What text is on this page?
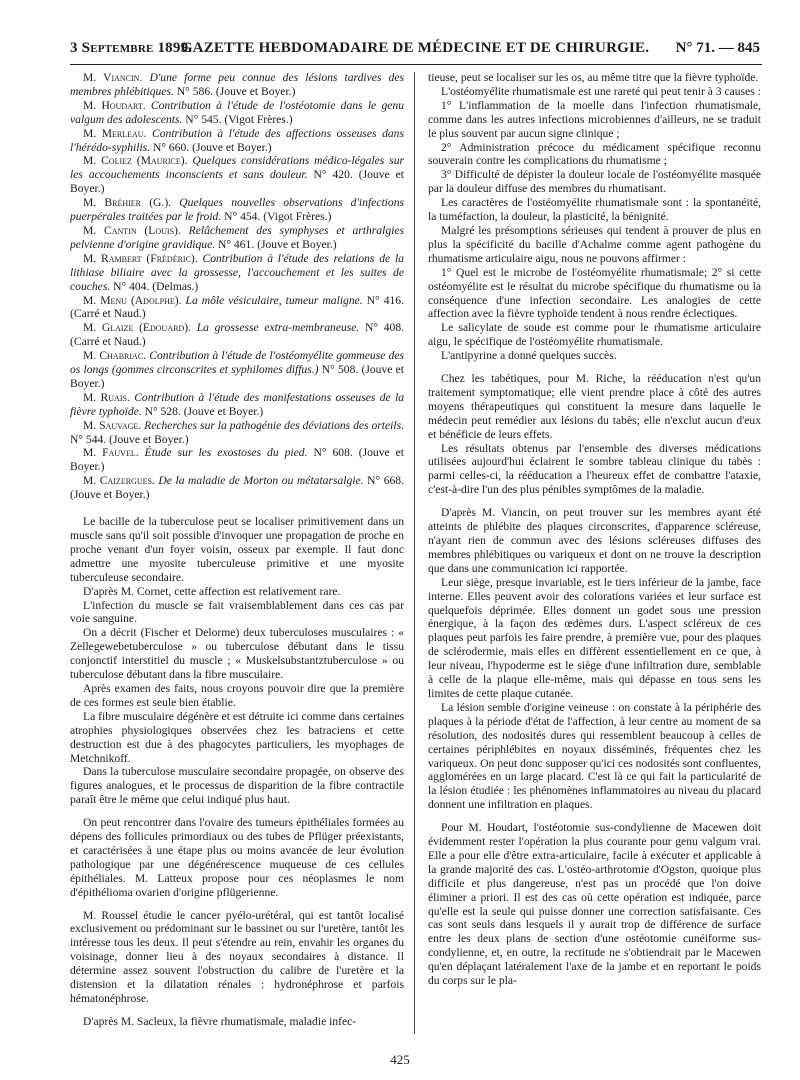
3 Septembre 1899.
GAZETTE HEBDOMADAIRE DE MÉDECINE ET DE CHIRURGIE.	N° 71. — 845

M. Viancin. D'une forme peu connue des lésions tardives des membres phlébitiques. N° 586. (Jouve et Boyer.)

M. Houdart. Contribution à l'étude de l'ostéotomie dans le genu valgum des adolescents. N° 545. (Vigot Frères.)

M. Merleau. Contribution à l'étude des affections osseuses dans l'hérédo-syphilis. N° 660. (Jouve et Boyer.)

M. Coliez (Maurice). Quelques considérations médico-légales sur les accouchements inconscients et sans douleur. N° 420. (Jouve et Boyer.)

M. Bréhier (G.). Quelques nouvelles observations d'infections puerpérales traitées par le froid. N° 454. (Vigot Frères.)

M. Cantin (Louis). Relâchement des symphyses et arthralgies pelvienne d'origine gravidique. N° 461. (Jouve et Boyer.)

M. Rambert (Frédéric). Contribution à l'étude des relations de la lithiase biliaire avec la grossesse, l'accouchement et les suites de couches. N° 404. (Delmas.)

M. Menu (Adolphe). La môle vésiculaire, tumeur maligne. N° 416. (Carré et Naud.)

M. Glaize (Edouard). La grossesse extra-membraneuse. N° 408. (Carré et Naud.)

M. Chabriac. Contribution à l'étude de l'ostéomyélite gommeuse des os longs (gommes circonscrites et syphilomes diffus.) N° 508. (Jouve et Boyer.)

M. Ruais. Contribution à l'étude des manifestations osseuses de la fièvre typhoïde. N° 528. (Jouve et Boyer.)

M. Sauvage. Recherches sur la pathogénie des déviations des orteils. N° 544. (Jouve et Boyer.)

M. Fauvel. Étude sur les exostoses du pied. N° 608. (Jouve et Boyer.)

M. Caizergues. De la maladie de Morton ou métatarsalgie. N° 668. (Jouve et Boyer.)

Le bacille de la tuberculose peut se localiser primitivement dans un muscle sans qu'il soit possible d'invoquer une propagation de proche en proche venant d'un foyer voisin, osseux par exemple. Il faut donc admettre une myosite tuberculeuse primitive et une myosite tuberculeuse secondaire.

D'après M. Cornet, cette affection est relativement rare.

L'infection du muscle se fait vraisemblablement dans ces cas par voie sanguine.

On a décrit (Fischer et Delorme) deux tuberculoses musculaires : « Zellegewebetuberculose » ou tuberculose débutant dans le tissu conjonctif interstitiel du muscle ; « Muskelsubstantztuberculose » ou tuberculose débutant dans la fibre musculaire.

Après examen des faits, nous croyons pouvoir dire que la première de ces formes est seule bien établie.

La fibre musculaire dégénère et est détruite ici comme dans certaines atrophies physiologiques observées chez les batraciens et cette destruction est due à des phagocytes particuliers, les myophages de Metchnikoff.

Dans la tuberculose musculaire secondaire propagée, on observe des figures analogues, et le processus de disparition de la fibre contractile paraît être le même que celui indiqué plus haut.

On peut rencontrer dans l'ovaire des tumeurs épithéliales formées au dépens des follicules primordiaux ou des tubes de Pflüger préexistants, et caractérisées à une étape plus ou moins avancée de leur évolution pathologique par une dégénérescence muqueuse de ces cellules épithéliales. M. Latteux propose pour ces néoplasmes le nom d'épithélioma ovarien d'origine pflügerienne.

M. Roussel étudie le cancer pyélo-urétéral, qui est tantôt localisé exclusivement ou prédominant sur le bassinet ou sur l'uretère, tantôt les intéresse tous les deux. Il peut s'étendre au rein, envahir les organes du voisinage, donner lieu à des noyaux secondaires à distance. Il détermine assez souvent l'obstruction du calibre de l'uretère et la distension et la dilatation rénales : hydronéphrose et parfois hématonéphrose.

D'après M. Sacleux, la fièvre rhumatismale, maladie infec-

tieuse, peut se localiser sur les os, au même titre que la fièvre typhoïde.

L'ostéomyélite rhumatismale est une rareté qui peut tenir à 3 causes :

1° L'inflammation de la moelle dans l'infection rhumatismale, comme dans les autres infections microbiennes d'ailleurs, ne se traduit le plus souvent par aucun signe clinique ;

2° Administration précoce du médicament spécifique reconnu souverain contre les complications du rhumatisme ;

3° Difficulté de dépister la douleur locale de l'ostéomyélite masquée par la douleur diffuse des membres du rhumatisant.

Les caractères de l'ostéomyélite rhumatismale sont : la spontanéité, la tuméfaction, la douleur, la plasticité, la bénignité.

Malgré les présomptions sérieuses qui tendent à prouver de plus en plus la spécificité du bacille d'Achalme comme agent pathogène du rhumatisme articulaire aigu, nous ne pouvons affirmer :

1° Quel est le microbe de l'ostéomyélite rhumatismale; 2° si cette ostéomyélite est le résultat du microbe spécifique du rhumatisme ou la conséquence d'une infection secondaire. Les analogies de cette affection avec la fièvre typhoïde tendent à nous rendre éclectiques.

Le salicylate de soude est comme pour le rhumatisme articulaire aigu, le spécifique de l'ostéomyélite rhumatismale.

L'antipyrine a donné quelques succès.

Chez les tabétiques, pour M. Riche, la rééducation n'est qu'un traitement symptomatique; elle vient prendre place à côté des autres moyens thérapeutiques qui constituent la mesure dans laquelle le médecin peut remédier aux lésions du tabès; elle n'exclut aucun d'eux et bénéficie de leurs effets.

Les résultats obtenus par l'ensemble des diverses médications utilisées aujourd'hui éclairent le sombre tableau clinique du tabès : parmi celles-ci, la rééducation a l'heureux effet de combattre l'ataxie, c'est-à-dire l'un des plus pénibles symptômes de la maladie.

D'après M. Viancin, on peut trouver sur les membres ayant été atteints de phlébite des plaques circonscrites, d'apparence scléreuse, n'ayant rien de commun avec des lésions scléreuses diffuses des membres phlébitiques ou variqueux et dont on ne trouve la description que dans une communication ici rapportée.

Leur siège, presque invariable, est le tiers inférieur de la jambe, face interne. Elles peuvent avoir des colorations variées et leur surface est quelquefois déprimée. Elles donnent un godet sous une pression énergique, à la façon des œdèmes durs. L'aspect scléreux de ces plaques peut parfois les faire prendre, à première vue, pour des plaques de sclérodermie, mais elles en diffèrent essentiellement en ce que, à leur niveau, l'hypoderme est le siège d'une infiltration dure, semblable à celle de la plaque elle-même, mais qui dépasse en tous sens les limites de cette plaque cutanée.

La lésion semble d'origine veineuse : on constate à la périphérie des plaques à la période d'état de l'affection, à leur centre au moment de sa résolution, des nodosités dures qui ressemblent beaucoup à celles de certaines périphlébites en noyaux disséminés, fréquentes chez les variqueux. On peut donc supposer qu'ici ces nodosités sont confluentes, agglomérées en un large placard. C'est là ce qui fait la particularité de la lésion étudiée : les phénomènes inflammatoires au niveau du placard donnent une infiltration en plaques.

Pour M. Houdart, l'ostéotomie sus-condylienne de Macewen doit évidemment rester l'opération la plus courante pour genu valgum vrai. Elle a pour elle d'être extra-articulaire, facile à exécuter et applicable à la grande majorité des cas. L'ostéo-arthrotomie d'Ogston, quoique plus difficile et plus dangereuse, n'est pas un procédé que l'on doive éliminer a priori. Il est des cas où cette opération est indiquée, parce qu'elle est la seule qui puisse donner une correction satisfaisante. Ces cas sont seuls dans lesquels il y aurait trop de différence de surface entre les deux plans de section d'une ostéotomie cunéiforme sus-condylienne, et, en outre, la rectitude ne s'obtiendrait par le Macewen qu'en déplaçant latéralement l'axe de la jambe et en reportant le poids du corps sur le pla-

425
